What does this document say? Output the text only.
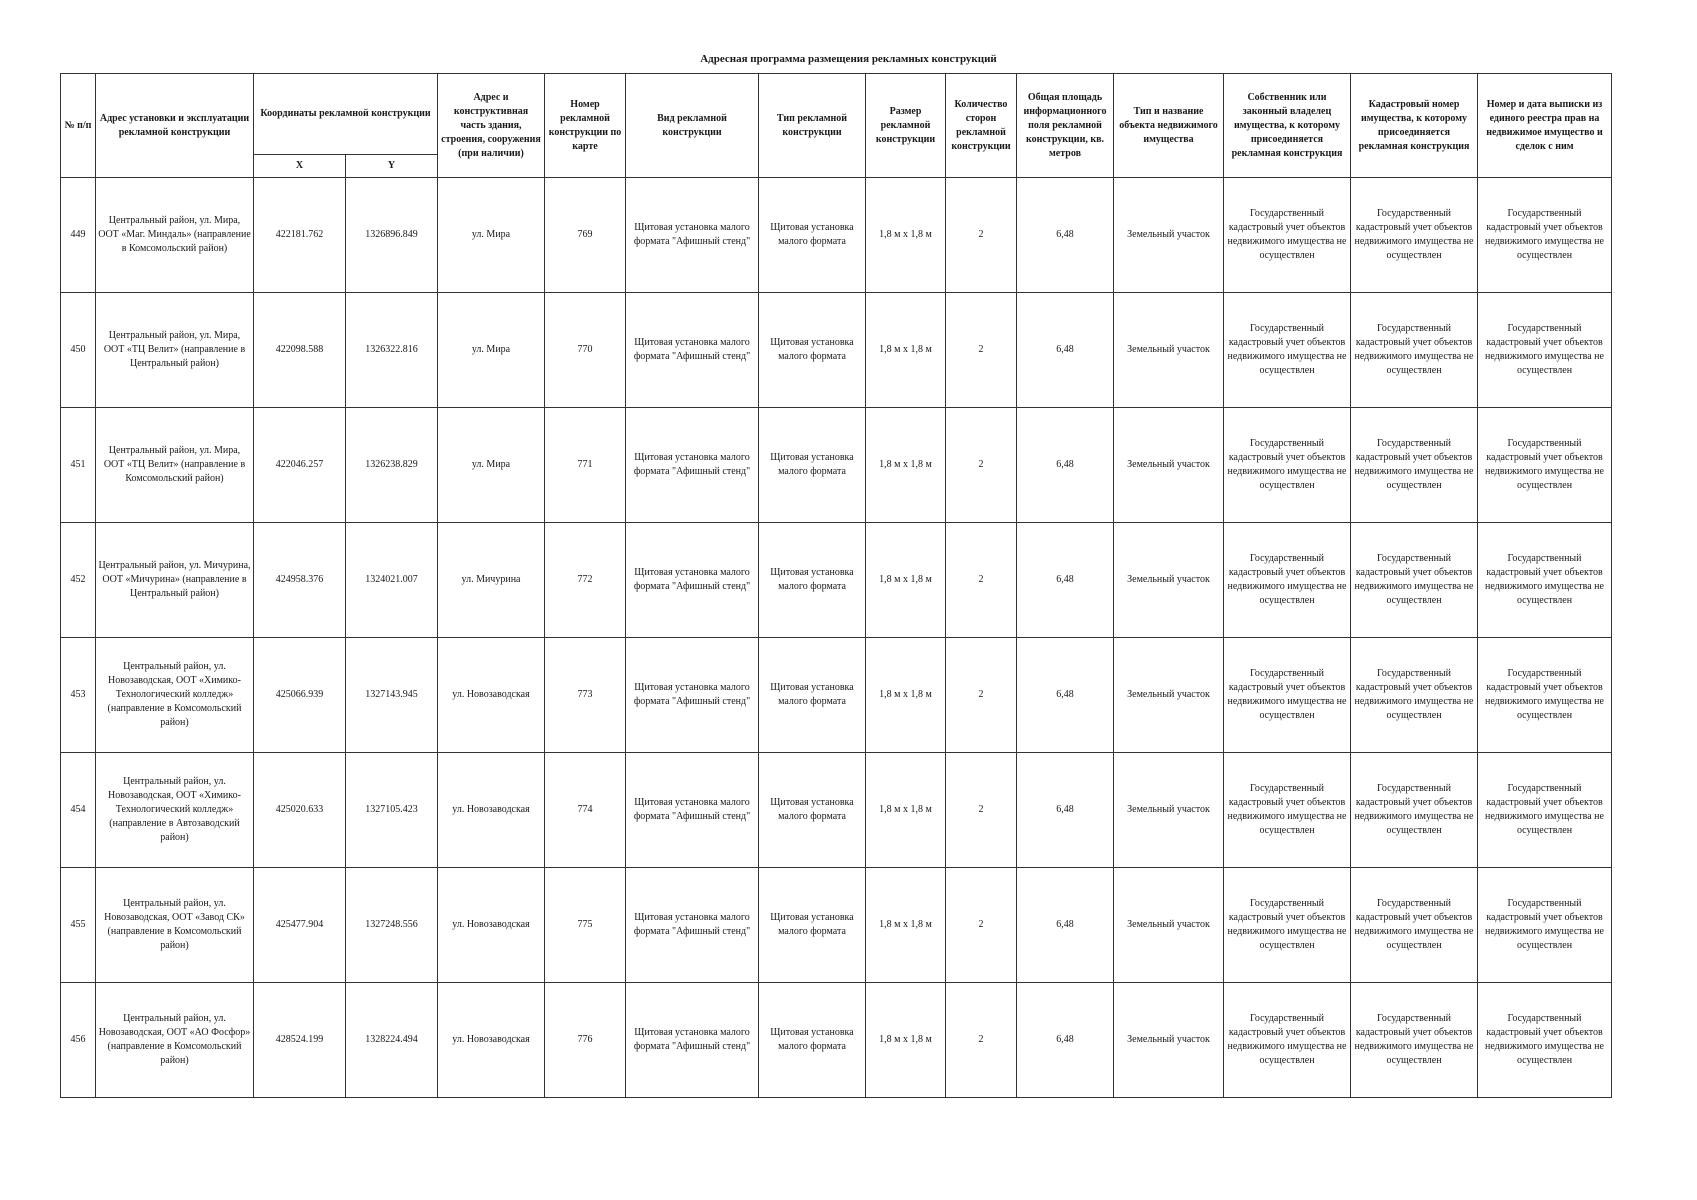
Адресная программа размещения рекламных конструкций
№ п/п	Адрес установки и эксплуатации рекламной конструкции	Координаты рекламной конструкции		Адрес и конструктивная часть здания, строения, сооружения (при наличии)	Номер рекламной конструкции по карте	Вид рекламной конструкции	Тип рекламной конструкции	Размер рекламной конструкции	Количество сторон рекламной конструкции	Общая площадь информационного поля рекламной конструкции, кв. метров	Тип и название объекта недвижимого имущества	Собственник или законный владелец имущества, к которому присоединяется рекламная конструкция	Кадастровый номер имущества, к которому присоединяется рекламная конструкция	Номер и дата выписки из единого реестра прав на недвижимое имущество и сделок с ним
		X	Y											
449	Центральный район, ул. Мира, ООТ «Маг. Миндаль» (направление в Комсомольский район)	422181.762	1326896.849	ул. Мира	769	Щитовая установка малого формата "Афишный стенд"	Щитовая установка малого формата	1,8 м х 1,8 м	2	6,48	Земельный участок	Государственный кадастровый учет объектов недвижимого имущества не осуществлен	Государственный кадастровый учет объектов недвижимого имущества не осуществлен	Государственный кадастровый учет объектов недвижимого имущества не осуществлен
450	Центральный район, ул. Мира, ООТ «ТЦ Велит» (направление в Центральный район)	422098.588	1326322.816	ул. Мира	770	Щитовая установка малого формата "Афишный стенд"	Щитовая установка малого формата	1,8 м х 1,8 м	2	6,48	Земельный участок	Государственный кадастровый учет объектов недвижимого имущества не осуществлен	Государственный кадастровый учет объектов недвижимого имущества не осуществлен	Государственный кадастровый учет объектов недвижимого имущества не осуществлен
451	Центральный район, ул. Мира, ООТ «ТЦ Велит» (направление в Комсомольский район)	422046.257	1326238.829	ул. Мира	771	Щитовая установка малого формата "Афишный стенд"	Щитовая установка малого формата	1,8 м х 1,8 м	2	6,48	Земельный участок	Государственный кадастровый учет объектов недвижимого имущества не осуществлен	Государственный кадастровый учет объектов недвижимого имущества не осуществлен	Государственный кадастровый учет объектов недвижимого имущества не осуществлен
452	Центральный район, ул. Мичурина, ООТ «Мичурина» (направление в Центральный район)	424958.376	1324021.007	ул. Мичурина	772	Щитовая установка малого формата "Афишный стенд"	Щитовая установка малого формата	1,8 м х 1,8 м	2	6,48	Земельный участок	Государственный кадастровый учет объектов недвижимого имущества не осуществлен	Государственный кадастровый учет объектов недвижимого имущества не осуществлен	Государственный кадастровый учет объектов недвижимого имущества не осуществлен
453	Центральный район, ул. Новозаводская, ООТ «Химико-Технологический колледж» (направление в Комсомольский район)	425066.939	1327143.945	ул. Новозаводская	773	Щитовая установка малого формата "Афишный стенд"	Щитовая установка малого формата	1,8 м х 1,8 м	2	6,48	Земельный участок	Государственный кадастровый учет объектов недвижимого имущества не осуществлен	Государственный кадастровый учет объектов недвижимого имущества не осуществлен	Государственный кадастровый учет объектов недвижимого имущества не осуществлен
454	Центральный район, ул. Новозаводская, ООТ «Химико-Технологический колледж» (направление в Автозаводский район)	425020.633	1327105.423	ул. Новозаводская	774	Щитовая установка малого формата "Афишный стенд"	Щитовая установка малого формата	1,8 м х 1,8 м	2	6,48	Земельный участок	Государственный кадастровый учет объектов недвижимого имущества не осуществлен	Государственный кадастровый учет объектов недвижимого имущества не осуществлен	Государственный кадастровый учет объектов недвижимого имущества не осуществлен
455	Центральный район, ул. Новозаводская, ООТ «Завод СК» (направление в Комсомольский район)	425477.904	1327248.556	ул. Новозаводская	775	Щитовая установка малого формата "Афишный стенд"	Щитовая установка малого формата	1,8 м х 1,8 м	2	6,48	Земельный участок	Государственный кадастровый учет объектов недвижимого имущества не осуществлен	Государственный кадастровый учет объектов недвижимого имущества не осуществлен	Государственный кадастровый учет объектов недвижимого имущества не осуществлен
456	Центральный район, ул. Новозаводская, ООТ «АО Фосфор» (направление в Комсомольский район)	428524.199	1328224.494	ул. Новозаводская	776	Щитовая установка малого формата "Афишный стенд"	Щитовая установка малого формата	1,8 м х 1,8 м	2	6,48	Земельный участок	Государственный кадастровый учет объектов недвижимого имущества не осуществлен	Государственный кадастровый учет объектов недвижимого имущества не осуществлен	Государственный кадастровый учет объектов недвижимого имущества не осуществлен
